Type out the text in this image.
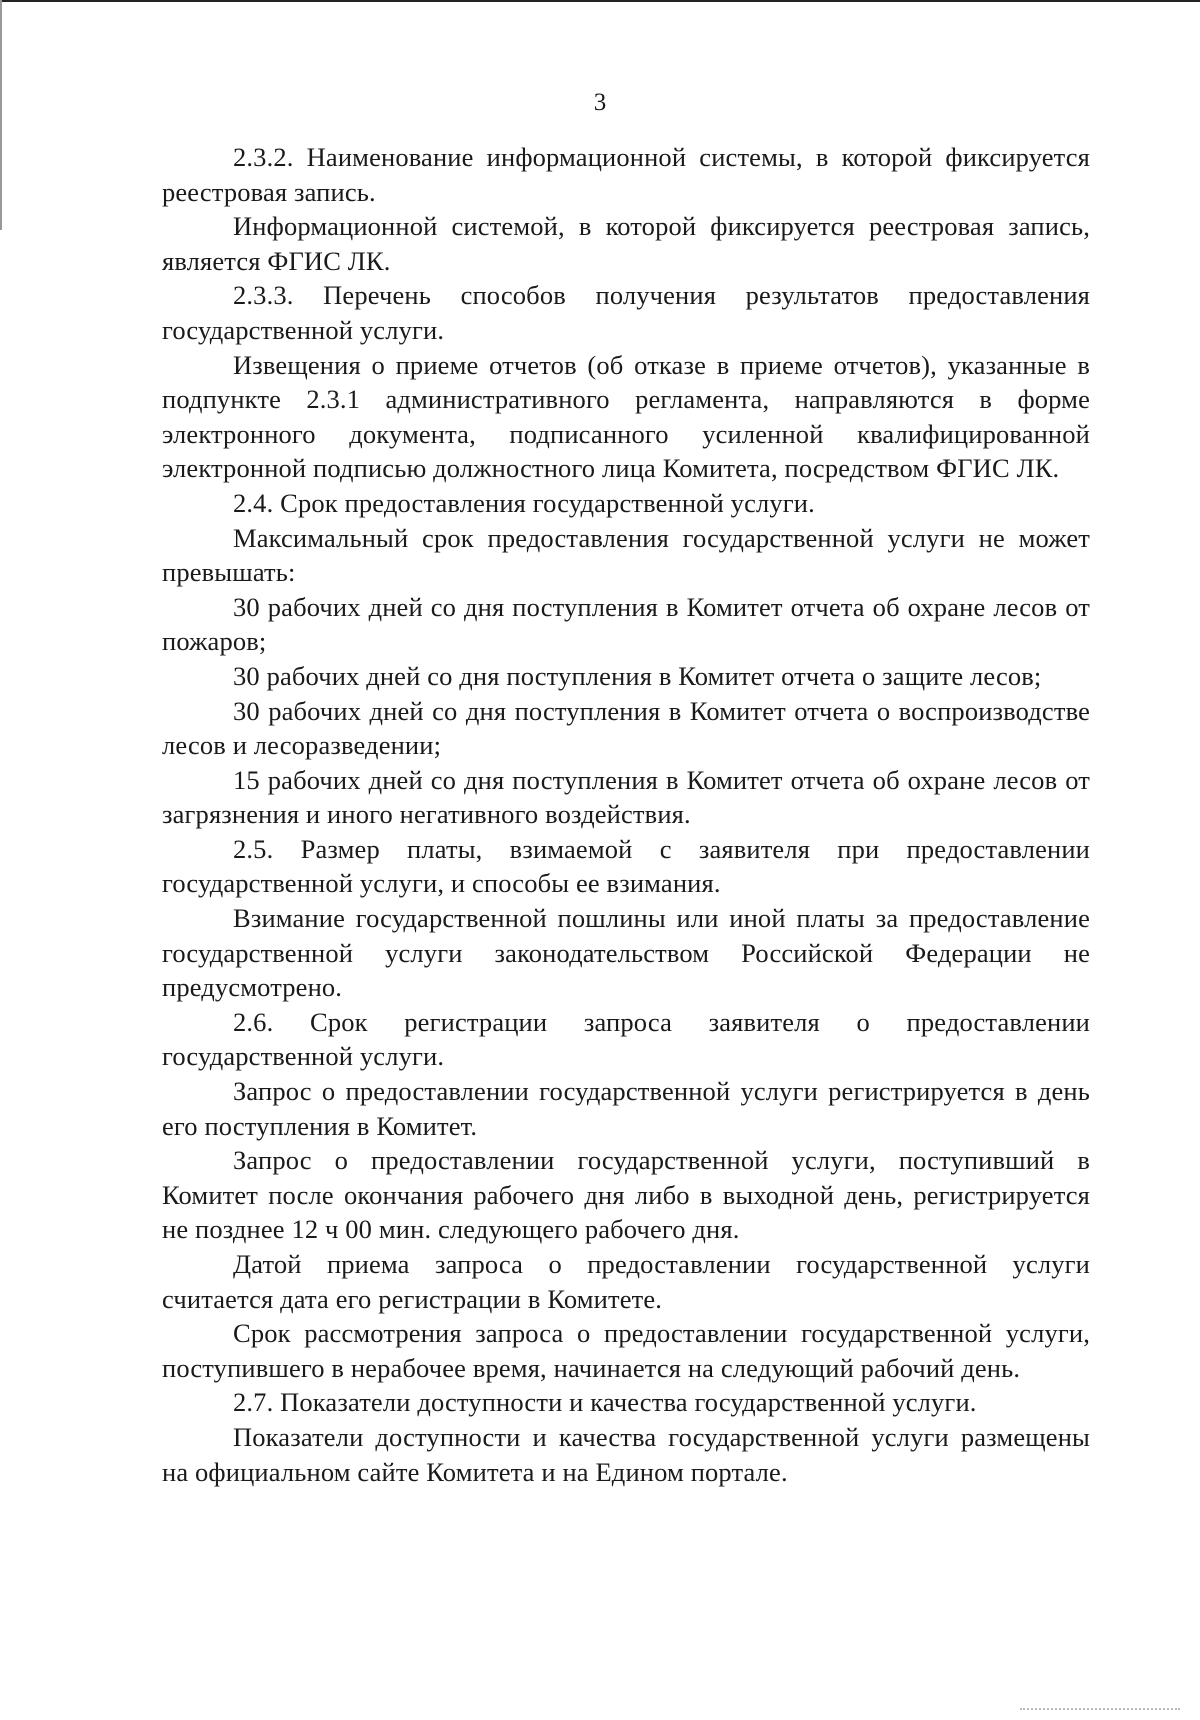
3

2.3.2. Наименование информационной системы, в которой фиксируется реестровая запись.

Информационной системой, в которой фиксируется реестровая запись, является ФГИС ЛК.

2.3.3. Перечень способов получения результатов предоставления государственной услуги.

Извещения о приеме отчетов (об отказе в приеме отчетов), указанные в подпункте 2.3.1 административного регламента, направляются в форме электронного документа, подписанного усиленной квалифицированной электронной подписью должностного лица Комитета, посредством ФГИС ЛК.

2.4. Срок предоставления государственной услуги.

Максимальный срок предоставления государственной услуги не может превышать:

30 рабочих дней со дня поступления в Комитет отчета об охране лесов от пожаров;

30 рабочих дней со дня поступления в Комитет отчета о защите лесов;

30 рабочих дней со дня поступления в Комитет отчета о воспроизводстве лесов и лесоразведении;

15 рабочих дней со дня поступления в Комитет отчета об охране лесов от загрязнения и иного негативного воздействия.

2.5. Размер платы, взимаемой с заявителя при предоставлении государственной услуги, и способы ее взимания.

Взимание государственной пошлины или иной платы за предоставление государственной услуги законодательством Российской Федерации не предусмотрено.

2.6. Срок регистрации запроса заявителя о предоставлении государственной услуги.

Запрос о предоставлении государственной услуги регистрируется в день его поступления в Комитет.

Запрос о предоставлении государственной услуги, поступивший в Комитет после окончания рабочего дня либо в выходной день, регистрируется не позднее 12 ч 00 мин. следующего рабочего дня.

Датой приема запроса о предоставлении государственной услуги считается дата его регистрации в Комитете.

Срок рассмотрения запроса о предоставлении государственной услуги, поступившего в нерабочее время, начинается на следующий рабочий день.

2.7. Показатели доступности и качества государственной услуги.

Показатели доступности и качества государственной услуги размещены на официальном сайте Комитета и на Едином портале.
